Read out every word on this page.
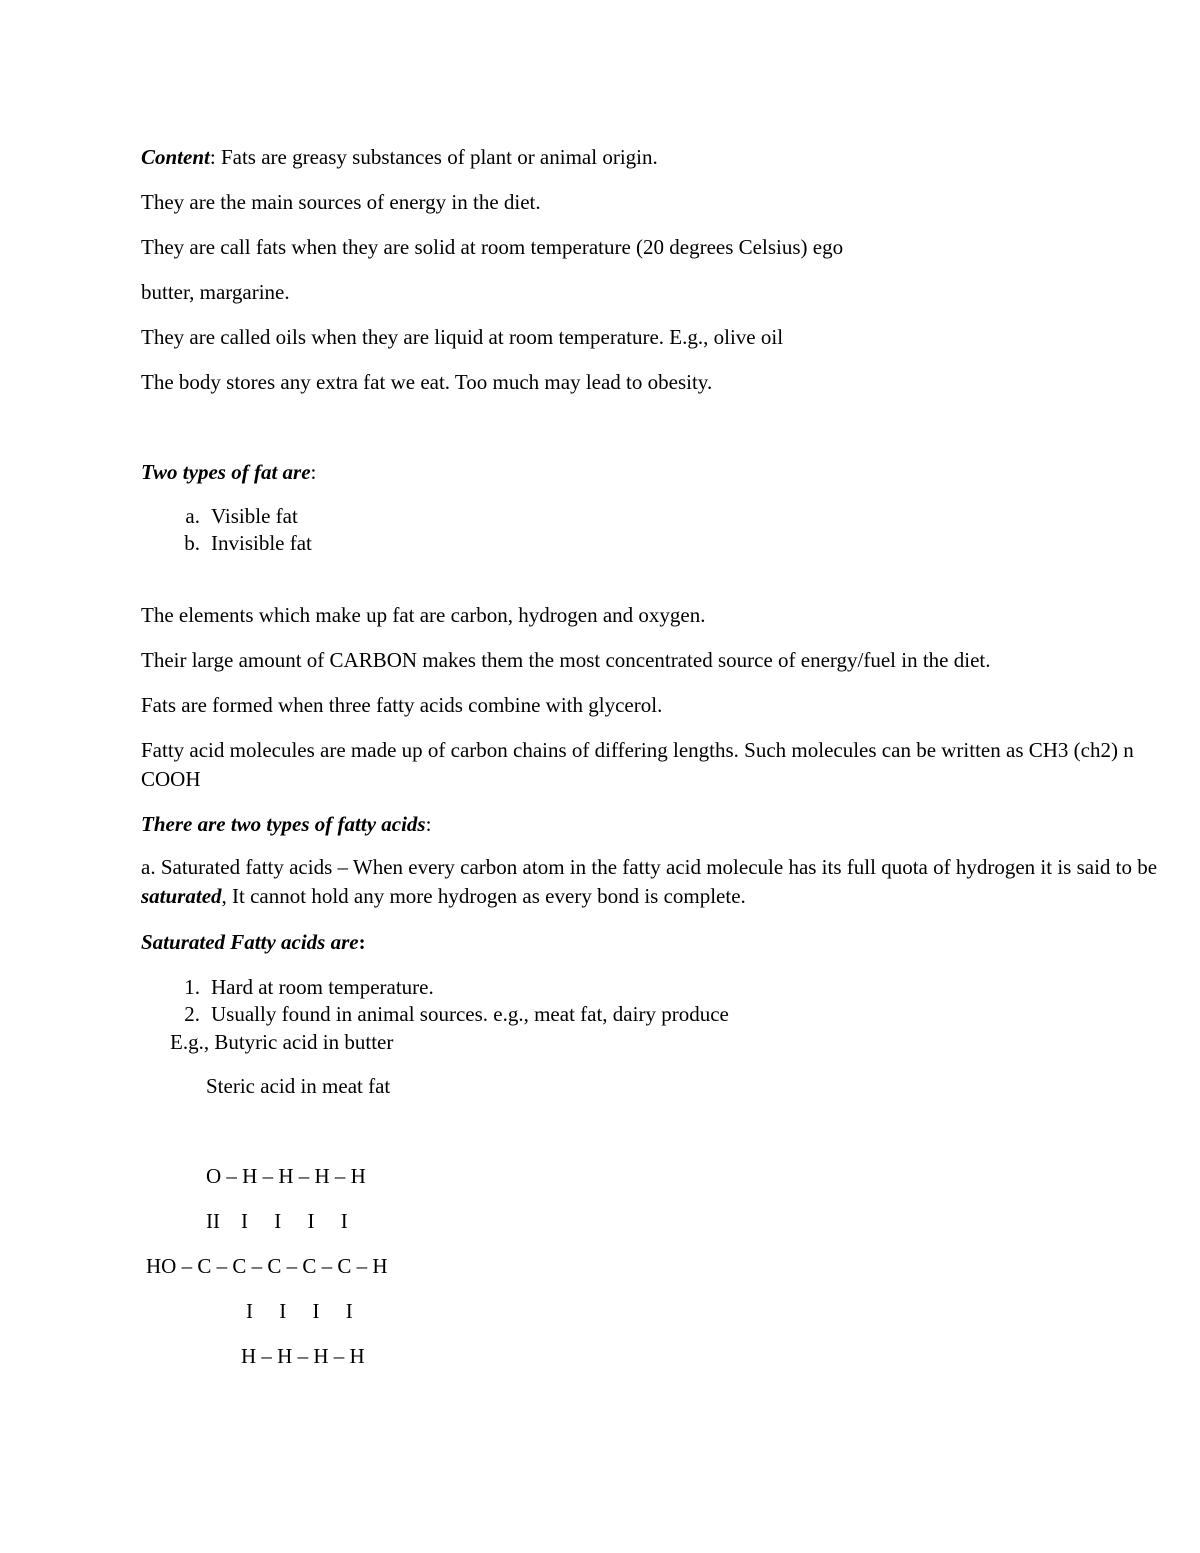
Content: Fats are greasy substances of plant or animal origin.
They are the main sources of energy in the diet.
They are call fats when they are solid at room temperature (20 degrees Celsius) ego
butter, margarine.
They are called oils when they are liquid at room temperature. E.g., olive oil
The body stores any extra fat we eat. Too much may lead to obesity.
Two types of fat are:
a. Visible fat
b. Invisible fat
The elements which make up fat are carbon, hydrogen and oxygen.
Their large amount of CARBON makes them the most concentrated source of energy/fuel in the diet.
Fats are formed when three fatty acids combine with glycerol.
Fatty acid molecules are made up of carbon chains of differing lengths. Such molecules can be written as CH3 (ch2) n COOH
There are two types of fatty acids:
a. Saturated fatty acids – When every carbon atom in the fatty acid molecule has its full quota of hydrogen it is said to be saturated, It cannot hold any more hydrogen as every bond is complete.
Saturated Fatty acids are:
1. Hard at room temperature.
2. Usually found in animal sources. e.g., meat fat, dairy produce
E.g., Butyric acid in butter
Steric acid in meat fat
O – H – H – H – H
II    I     I     I     I
HO – C – C – C – C – C – H
I     I     I     I
H – H – H – H
